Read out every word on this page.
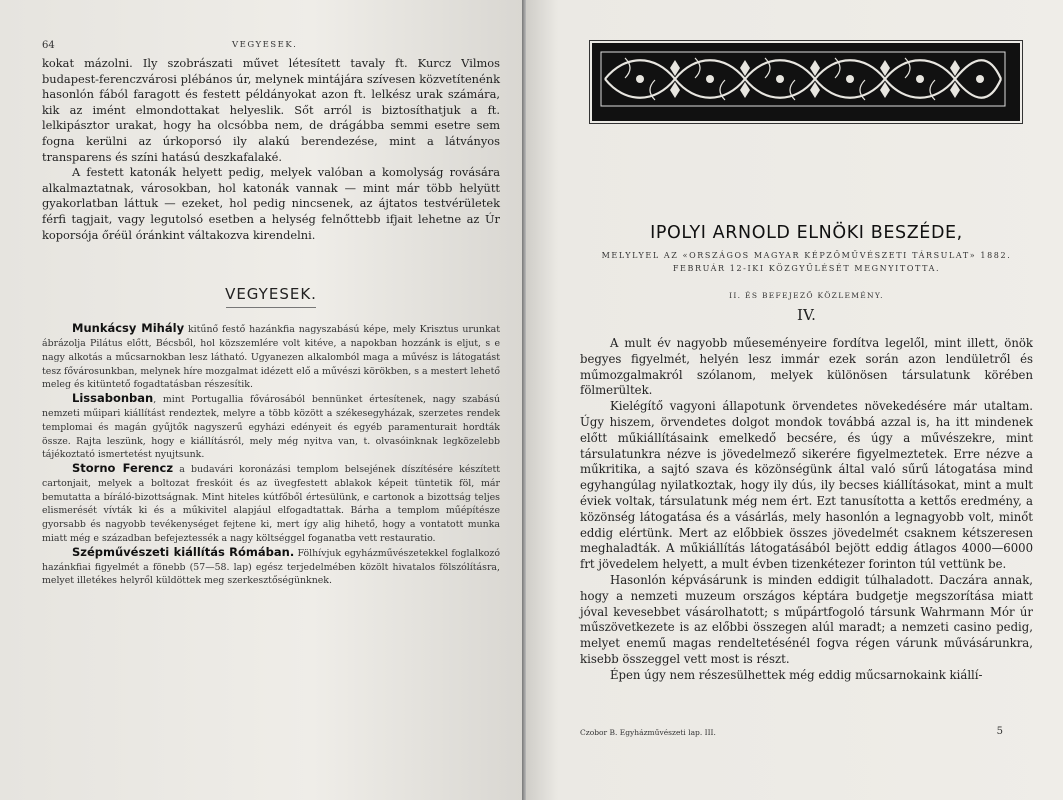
64	VEGYESEK.

kokat mázolni. Ily szobrászati művet létesített tavaly ft. Kurcz Vilmos budapest-ferenczvárosi plébános úr, melynek mintájára szívesen közvetítenénk hasonlón fából faragott és festett példányokat azon ft. lelkész urak számára, kik az imént elmondottakat helyeslik. Sőt arról is biztosíthatjuk a ft. lelkipásztor urakat, hogy ha olcsóbba nem, de drágábba semmi esetre sem fogna kerülni az úrkoporsó ily alakú berendezése, mint a látványos transparens és színi hatású deszkafalaké.

A festett katonák helyett pedig, melyek valóban a komolyság rovására alkalmaztatnak, városokban, hol katonák vannak — mint már több helyütt gyakorlatban láttuk — ezeket, hol pedig nincsenek, az ájtatos testvérületek férfi tagjait, vagy legutolsó esetben a helység felnőttebb ifjait lehetne az Úr koporsója őréül óránkint váltakozva kirendelni.

VEGYESEK.

Munkácsy Mihály kitűnő festő hazánkfia nagyszabású képe, mely Krisztus urunkat ábrázolja Pilátus előtt, Bécsből, hol közszemlére volt kitéve, a napokban hozzánk is eljut, s e nagy alkotás a műcsarnokban lesz látható. Ugyanezen alkalomból maga a művész is látogatást tesz fővárosunkban, melynek híre mozgalmat idézett elő a művészi körökben, s a mestert lehető meleg és kitüntető fogadtatásban részesítik.

Lissabonban, mint Portugallia fővárosából bennünket értesítenek, nagy szabású nemzeti műipari kiállítást rendeztek, melyre a több között a székesegyházak, szerzetes rendek templomai és magán gyűjtők nagyszerű egyházi edényeit és egyéb paramenturait hordták össze. Rajta leszünk, hogy e kiállításról, mely még nyitva van, t. olvasóinknak legközelebb tájékoztató ismertetést nyujtsunk.

Storno Ferencz a budavári koronázási templom belsejének díszítésére készített cartonjait, melyek a boltozat freskóit és az üvegfestett ablakok képeit tüntetik föl, már bemutatta a bíráló-bizottságnak. Mint hiteles kútfőből értesülünk, e cartonok a bizottság teljes elismerését vívták ki és a műkivitel alapjául elfogadtattak. Bárha a templom műépítésze gyorsabb és nagyobb tevékenységet fejtene ki, mert így alig hihető, hogy a vontatott munka miatt még e században befejeztessék a nagy költséggel foganatba vett restauratio.

Szépművészeti kiállítás Rómában. Fölhívjuk egyházművészetekkel foglalkozó hazánkfiai figyelmét a fönebb (57—58. lap) egész terjedelmében közölt hivatalos fölszólításra, melyet illetékes helyről küldöttek meg szerkesztőségünknek.

IPOLYI ARNOLD ELNÖKI BESZÉDE,
MELYLYEL AZ «ORSZÁGOS MAGYAR KÉPZŐMŰVÉSZETI TÁRSULAT» 1882. FEBRUÁR 12-IKI KÖZGYŰLÉSÉT MEGNYITOTTA.
II. ÉS BEFEJEZŐ KÖZLEMÉNY.
IV.

A mult év nagyobb műeseményeire fordítva legelől, mint illett, önök begyes figyelmét, helyén lesz immár ezek során azon lendületről és műmozgalmakról szólanom, melyek különösen társulatunk körében fölmerültek.

Kielégítő vagyoni állapotunk örvendetes növekedésére már utaltam. Úgy hiszem, örvendetes dolgot mondok továbbá azzal is, ha itt mindenek előtt műkiállításaink emelkedő becsére, és úgy a művészekre, mint társulatunkra nézve is jövedelmező sikerére figyelmeztetek. Erre nézve a műkritika, a sajtó szava és közönségünk által való sűrű látogatása mind egyhangúlag nyilatkoztak, hogy ily dús, ily becses kiállításokat, mint a mult éviek voltak, társulatunk még nem ért. Ezt tanusította a kettős eredmény, a közönség látogatása és a vásárlás, mely hasonlón a legnagyobb volt, minőt eddig elértünk. Mert az előbbiek összes jövedelmét csaknem kétszeresen meghaladták. A műkiállítás látogatásából bejött eddig átlagos 4000—6000 frt jövedelem helyett, a mult évben tizenkétezer forinton túl vettünk be.

Hasonlón képvásárunk is minden eddigit túlhaladott. Daczára annak, hogy a nemzeti muzeum országos képtára budgetje megszorítása miatt jóval kevesebbet vásárolhatott; s műpártfogoló társunk Wahrmann Mór úr műszövetkezete is az előbbi összegen alúl maradt; a nemzeti casino pedig, melyet enemű magas rendeltetésénél fogva régen várunk művásárunkra, kisebb összeggel vett most is részt.

Épen úgy nem részesülhettek még eddig műcsarnokaink kiállí-

Czobor B. Egyházművészeti lap. III.	5
